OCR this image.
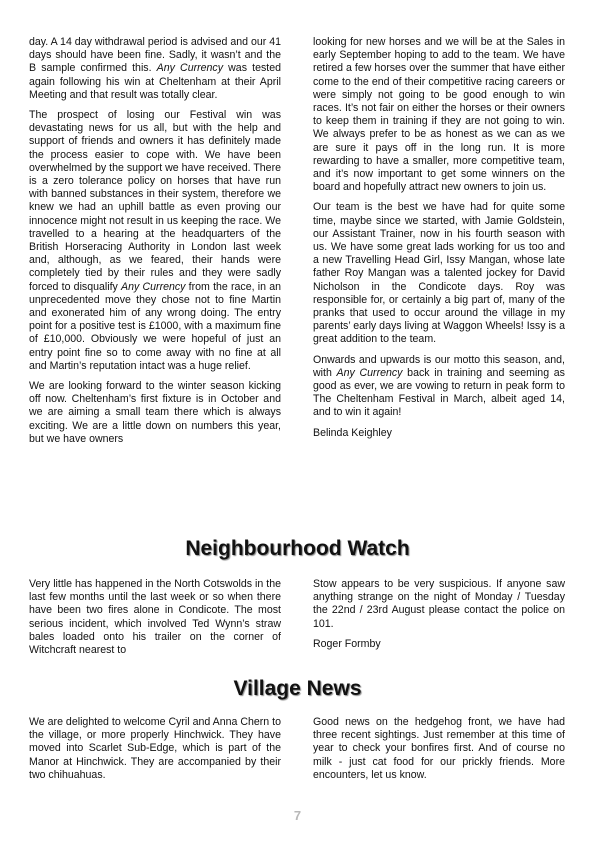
day. A 14 day withdrawal period is advised and our 41 days should have been fine. Sadly, it wasn’t and the B sample confirmed this. Any Currency was tested again following his win at Cheltenham at their April Meeting and that result was totally clear.

The prospect of losing our Festival win was devastating news for us all, but with the help and support of friends and owners it has definitely made the process easier to cope with. We have been overwhelmed by the support we have received. There is a zero tolerance policy on horses that have run with banned substances in their system, therefore we knew we had an uphill battle as even proving our innocence might not result in us keeping the race. We travelled to a hearing at the headquarters of the British Horseracing Authority in London last week and, although, as we feared, their hands were completely tied by their rules and they were sadly forced to disqualify Any Currency from the race, in an unprecedented move they chose not to fine Martin and exonerated him of any wrong doing. The entry point for a positive test is £1000, with a maximum fine of £10,000. Obviously we were hopeful of just an entry point fine so to come away with no fine at all and Martin’s reputation intact was a huge relief.

We are looking forward to the winter season kicking off now. Cheltenham’s first fixture is in October and we are aiming a small team there which is always exciting. We are a little down on numbers this year, but we have owners

looking for new horses and we will be at the Sales in early September hoping to add to the team. We have retired a few horses over the summer that have either come to the end of their competitive racing careers or were simply not going to be good enough to win races. It’s not fair on either the horses or their owners to keep them in training if they are not going to win. We always prefer to be as honest as we can as we are sure it pays off in the long run. It is more rewarding to have a smaller, more competitive team, and it’s now important to get some winners on the board and hopefully attract new owners to join us.

Our team is the best we have had for quite some time, maybe since we started, with Jamie Goldstein, our Assistant Trainer, now in his fourth season with us. We have some great lads working for us too and a new Travelling Head Girl, Issy Mangan, whose late father Roy Mangan was a talented jockey for David Nicholson in the Condicote days. Roy was responsible for, or certainly a big part of, many of the pranks that used to occur around the village in my parents’ early days living at Waggon Wheels! Issy is a great addition to the team.

Onwards and upwards is our motto this season, and, with Any Currency back in training and seeming as good as ever, we are vowing to return in peak form to The Cheltenham Festival in March, albeit aged 14, and to win it again!

Belinda Keighley

Neighbourhood Watch

Very little has happened in the North Cotswolds in the last few months until the last week or so when there have been two fires alone in Condicote. The most serious incident, which involved Ted Wynn’s straw bales loaded onto his trailer on the corner of Witchcraft nearest to

Stow appears to be very suspicious. If anyone saw anything strange on the night of Monday / Tuesday the 22nd / 23rd August please contact the police on 101.

Roger Formby

Village News

We are delighted to welcome Cyril and Anna Chern to the village, or more properly Hinchwick. They have moved into Scarlet Sub-Edge, which is part of the Manor at Hinchwick. They are accompanied by their two chihuahuas.

Good news on the hedgehog front, we have had three recent sightings. Just remember at this time of year to check your bonfires first. And of course no milk - just cat food for our prickly friends. More encounters, let us know.

7
